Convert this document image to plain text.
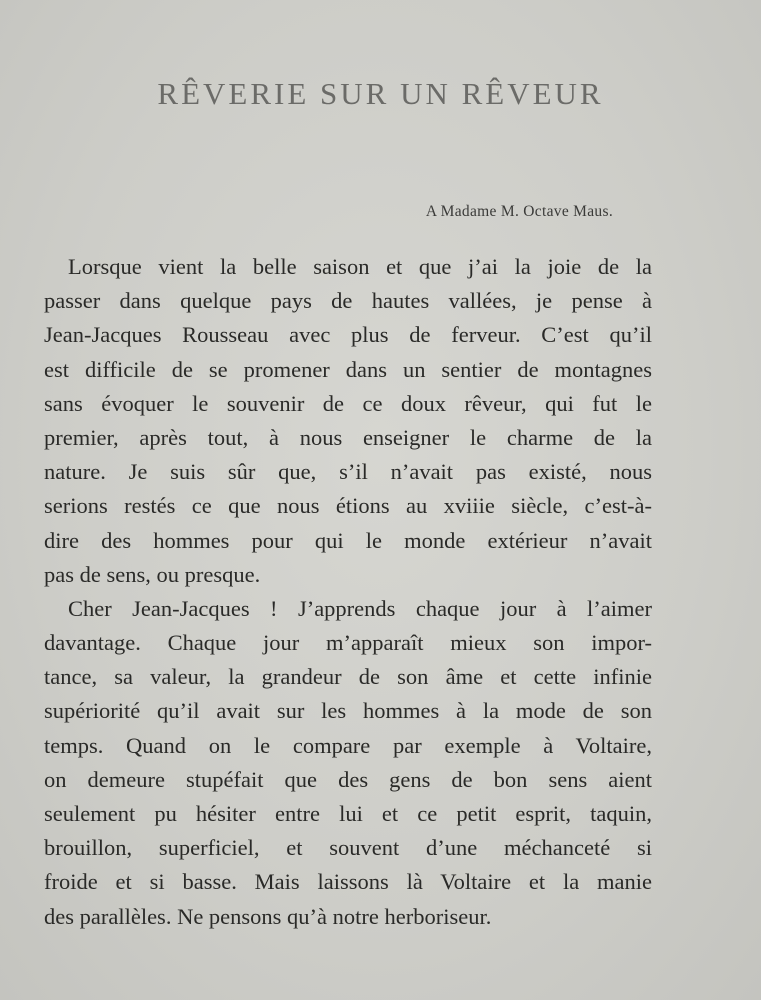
RÊVERIE SUR UN RÊVEUR

A Madame M. Octave Maus.

Lorsque vient la belle saison et que j’ai la joie de la
passer dans quelque pays de hautes vallées, je pense à
Jean-Jacques Rousseau avec plus de ferveur. C’est qu’il
est difficile de se promener dans un sentier de montagnes
sans évoquer le souvenir de ce doux rêveur, qui fut le
premier, après tout, à nous enseigner le charme de la
nature. Je suis sûr que, s’il n’avait pas existé, nous
serions restés ce que nous étions au xviiie siècle, c’est-à-
dire des hommes pour qui le monde extérieur n’avait
pas de sens, ou presque.
Cher Jean-Jacques ! J’apprends chaque jour à l’aimer
davantage. Chaque jour m’apparaît mieux son impor-
tance, sa valeur, la grandeur de son âme et cette infinie
supériorité qu’il avait sur les hommes à la mode de son
temps. Quand on le compare par exemple à Voltaire,
on demeure stupéfait que des gens de bon sens aient
seulement pu hésiter entre lui et ce petit esprit, taquin,
brouillon, superficiel, et souvent d’une méchanceté si
froide et si basse. Mais laissons là Voltaire et la manie
des parallèles. Ne pensons qu’à notre herboriseur.
